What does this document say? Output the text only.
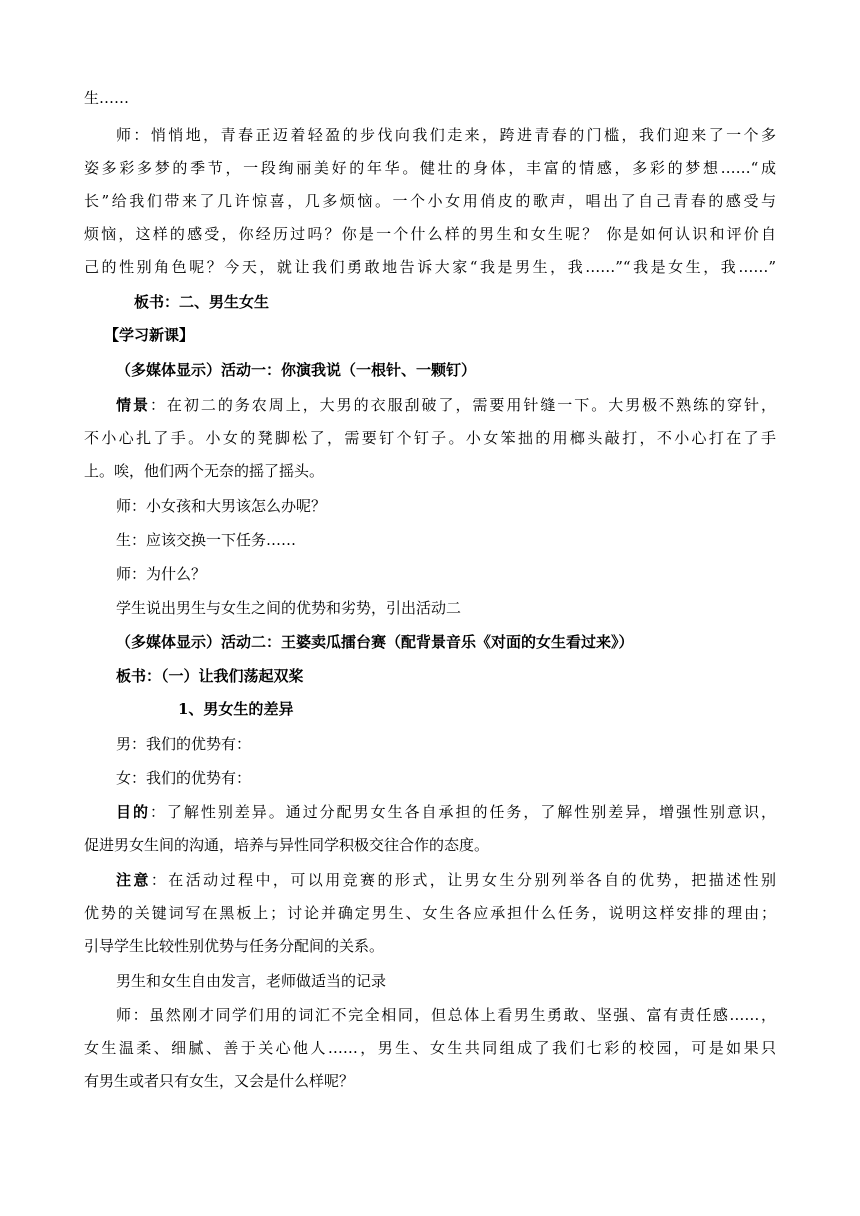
生……
师：悄悄地，青春正迈着轻盈的步伐向我们走来，跨进青春的门槛，我们迎来了一个多
姿多彩多梦的季节，一段绚丽美好的年华。健壮的身体，丰富的情感，多彩的梦想……“成
长”给我们带来了几许惊喜，几多烦恼。一个小女用俏皮的歌声，唱出了自己青春的感受与
烦恼，这样的感受，你经历过吗？你是一个什么样的男生和女生呢？ 你是如何认识和评价自
己的性别角色呢？今天，就让我们勇敢地告诉大家“我是男生，我……”“我是女生，我……”
板书：二、男生女生
【学习新课】
（多媒体显示）活动一：你演我说（一根针、一颗钉）
情景：在初二的务农周上，大男的衣服刮破了，需要用针缝一下。大男极不熟练的穿针，
不小心扎了手。小女的凳脚松了，需要钉个钉子。小女笨拙的用榔头敲打，不小心打在了手
上。唉，他们两个无奈的摇了摇头。
师：小女孩和大男该怎么办呢？
生：应该交换一下任务……
师：为什么？
学生说出男生与女生之间的优势和劣势，引出活动二
（多媒体显示）活动二：王婆卖瓜擂台赛（配背景音乐《对面的女生看过来》）
板书：（一）让我们荡起双桨
1、男女生的差异
男：我们的优势有：
女：我们的优势有：
目的：了解性别差异。通过分配男女生各自承担的任务，了解性别差异，增强性别意识，
促进男女生间的沟通，培养与异性同学积极交往合作的态度。
注意：在活动过程中，可以用竞赛的形式，让男女生分别列举各自的优势，把描述性别
优势的关键词写在黑板上；讨论并确定男生、女生各应承担什么任务，说明这样安排的理由；
引导学生比较性别优势与任务分配间的关系。
男生和女生自由发言，老师做适当的记录
师：虽然刚才同学们用的词汇不完全相同，但总体上看男生勇敢、坚强、富有责任感……，
女生温柔、细腻、善于关心他人……，男生、女生共同组成了我们七彩的校园，可是如果只
有男生或者只有女生，又会是什么样呢？
